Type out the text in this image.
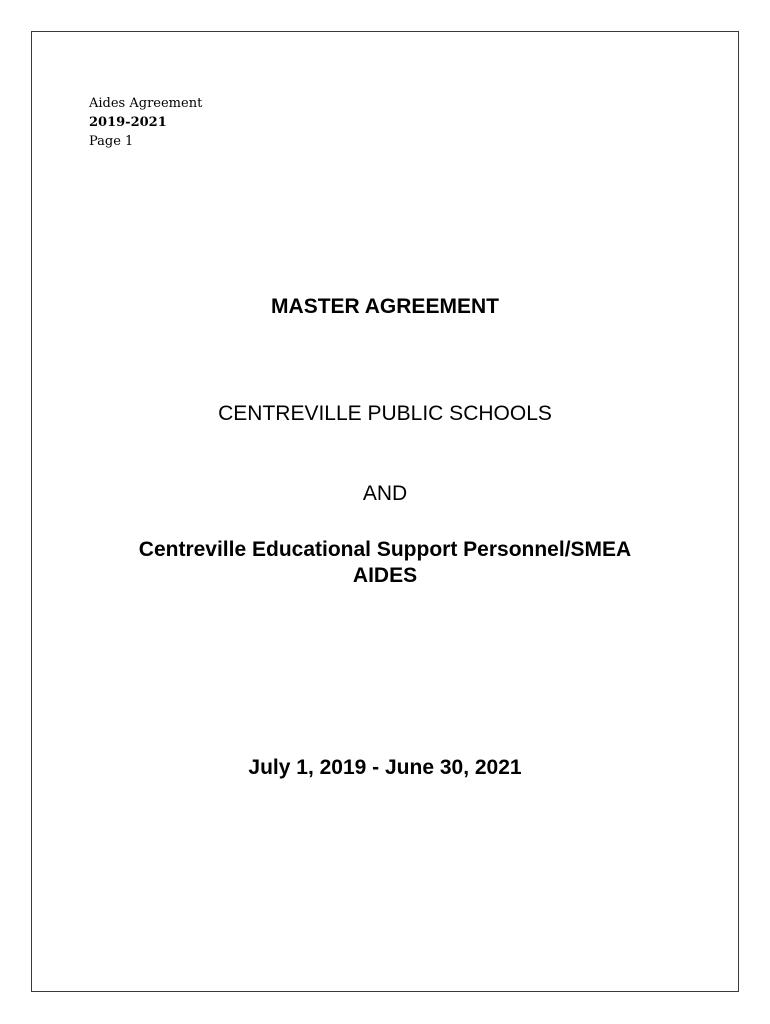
Aides Agreement
2019-2021
Page 1
MASTER AGREEMENT
CENTREVILLE PUBLIC SCHOOLS
AND
Centreville Educational Support Personnel/SMEA
AIDES
July 1, 2019 - June 30, 2021
